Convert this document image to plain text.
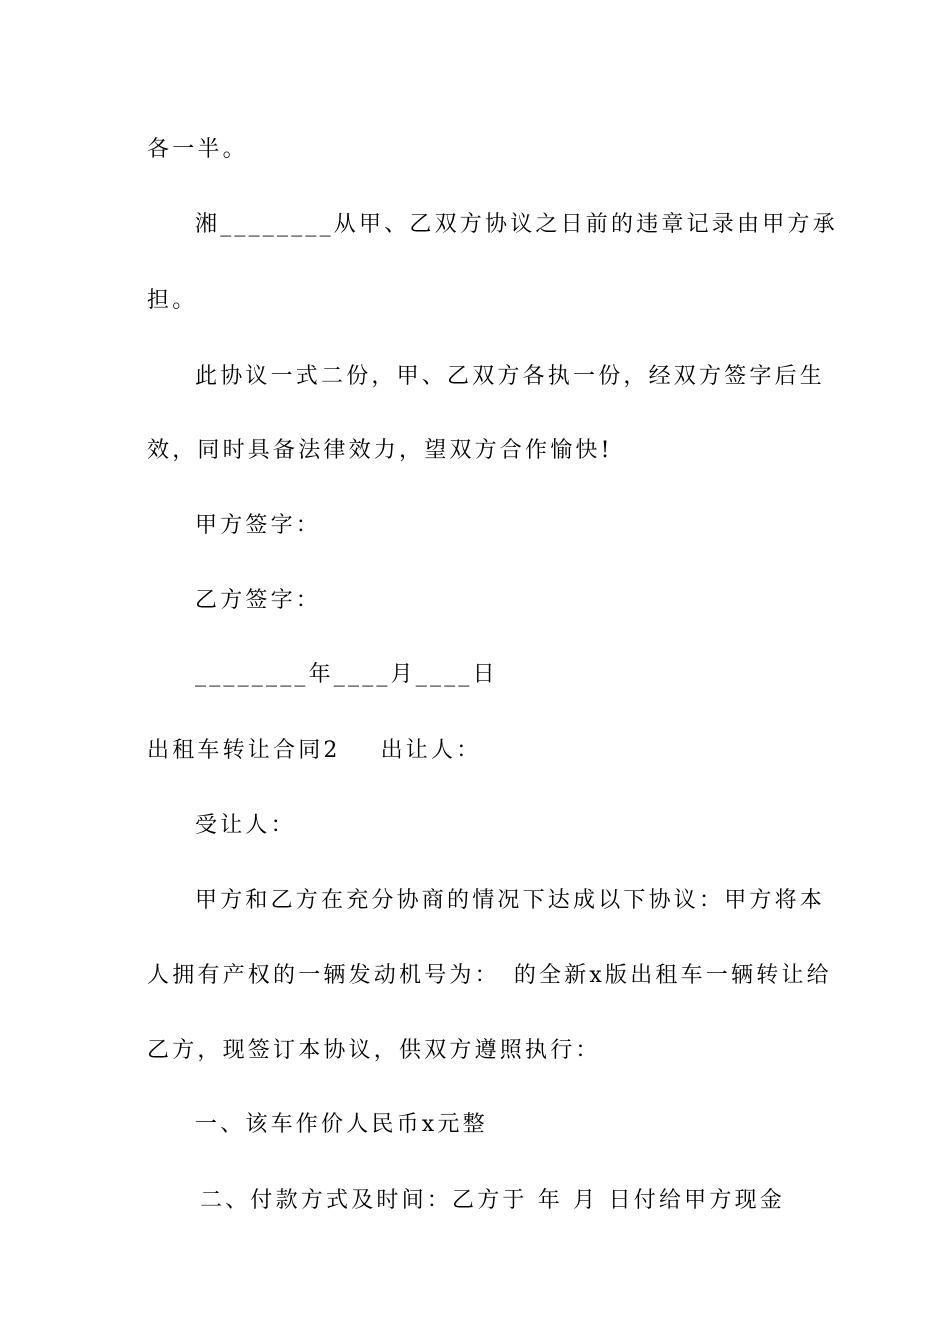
各一半。
湘________从甲、乙双方协议之日前的违章记录由甲方承
担。
此协议一式二份，甲、乙双方各执一份，经双方签字后生
效，同时具备法律效力，望双方合作愉快!
甲方签字：
乙方签字：
________年____月____日
出租车转让合同2 出让人：
受让人：
甲方和乙方在充分协商的情况下达成以下协议：甲方将本
人拥有产权的一辆发动机号为： 的全新x版出租车一辆转让给
乙方，现签订本协议，供双方遵照执行：
一、该车作价人民币x元整
二、付款方式及时间：乙方于 年 月 日付给甲方现金
